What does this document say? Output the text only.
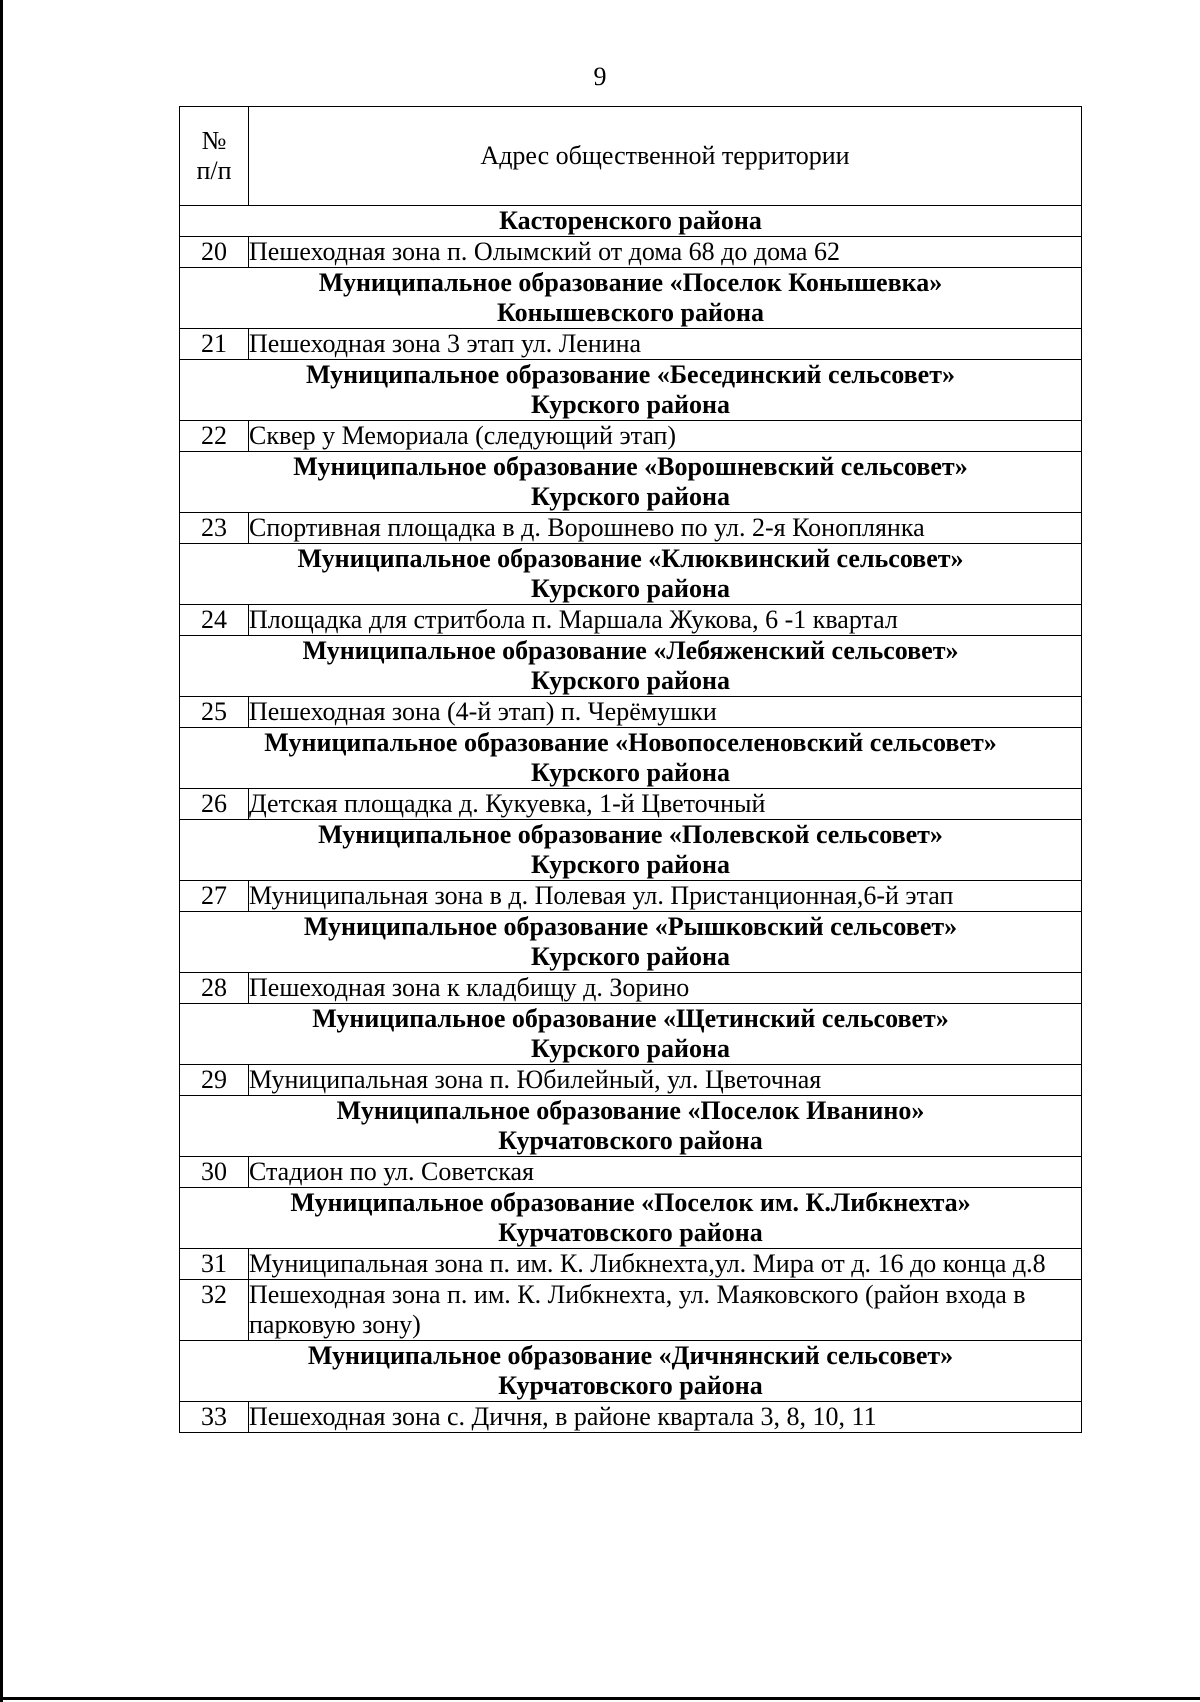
9
№
п/п	Адрес общественной территории
Касторенского района	
20	Пешеходная зона п. Олымский от дома 68 до дома 62

Муниципальное образование «Поселок Конышевка»
Конышевского района	

21	Пешеходная зона 3 этап ул. Ленина

Муниципальное образование «Бесединский сельсовет»
Курского района	

22	Сквер у Мемориала (следующий этап)

Муниципальное образование «Ворошневский сельсовет»
Курского района	

23	Спортивная площадка в д. Ворошнево по ул. 2-я Коноплянка

Муниципальное образование «Клюквинский сельсовет»
Курского района	

24	Площадка для стритбола п. Маршала Жукова, 6 -1 квартал

Муниципальное образование «Лебяженский сельсовет»
Курского района	

25	Пешеходная зона (4-й этап) п. Черёмушки

Муниципальное образование «Новопоселеновский сельсовет»
Курского района	

26	Детская площадка д. Кукуевка, 1-й Цветочный

Муниципальное образование «Полевской сельсовет»
Курского района	

27	Муниципальная зона в д. Полевая ул. Пристанционная,6-й этап

Муниципальное образование «Рышковский сельсовет»
Курского района	

28	Пешеходная зона к кладбищу д. Зорино

Муниципальное образование «Щетинский сельсовет»
Курского района	

29	Муниципальная зона п. Юбилейный, ул. Цветочная

Муниципальное образование «Поселок Иванино»
Курчатовского района	

30	Стадион по ул. Советская

Муниципальное образование «Поселок им. К.Либкнехта»
Курчатовского района	

31	Муниципальная зона п. им. К. Либкнехта,ул. Мира от д. 16 до конца д.8
32	Пешеходная зона п. им. К. Либкнехта, ул. Маяковского (район входа в парковую зону)

Муниципальное образование «Дичнянский сельсовет»
Курчатовского района	

33	Пешеходная зона с. Дичня, в районе квартала 3, 8, 10, 11
